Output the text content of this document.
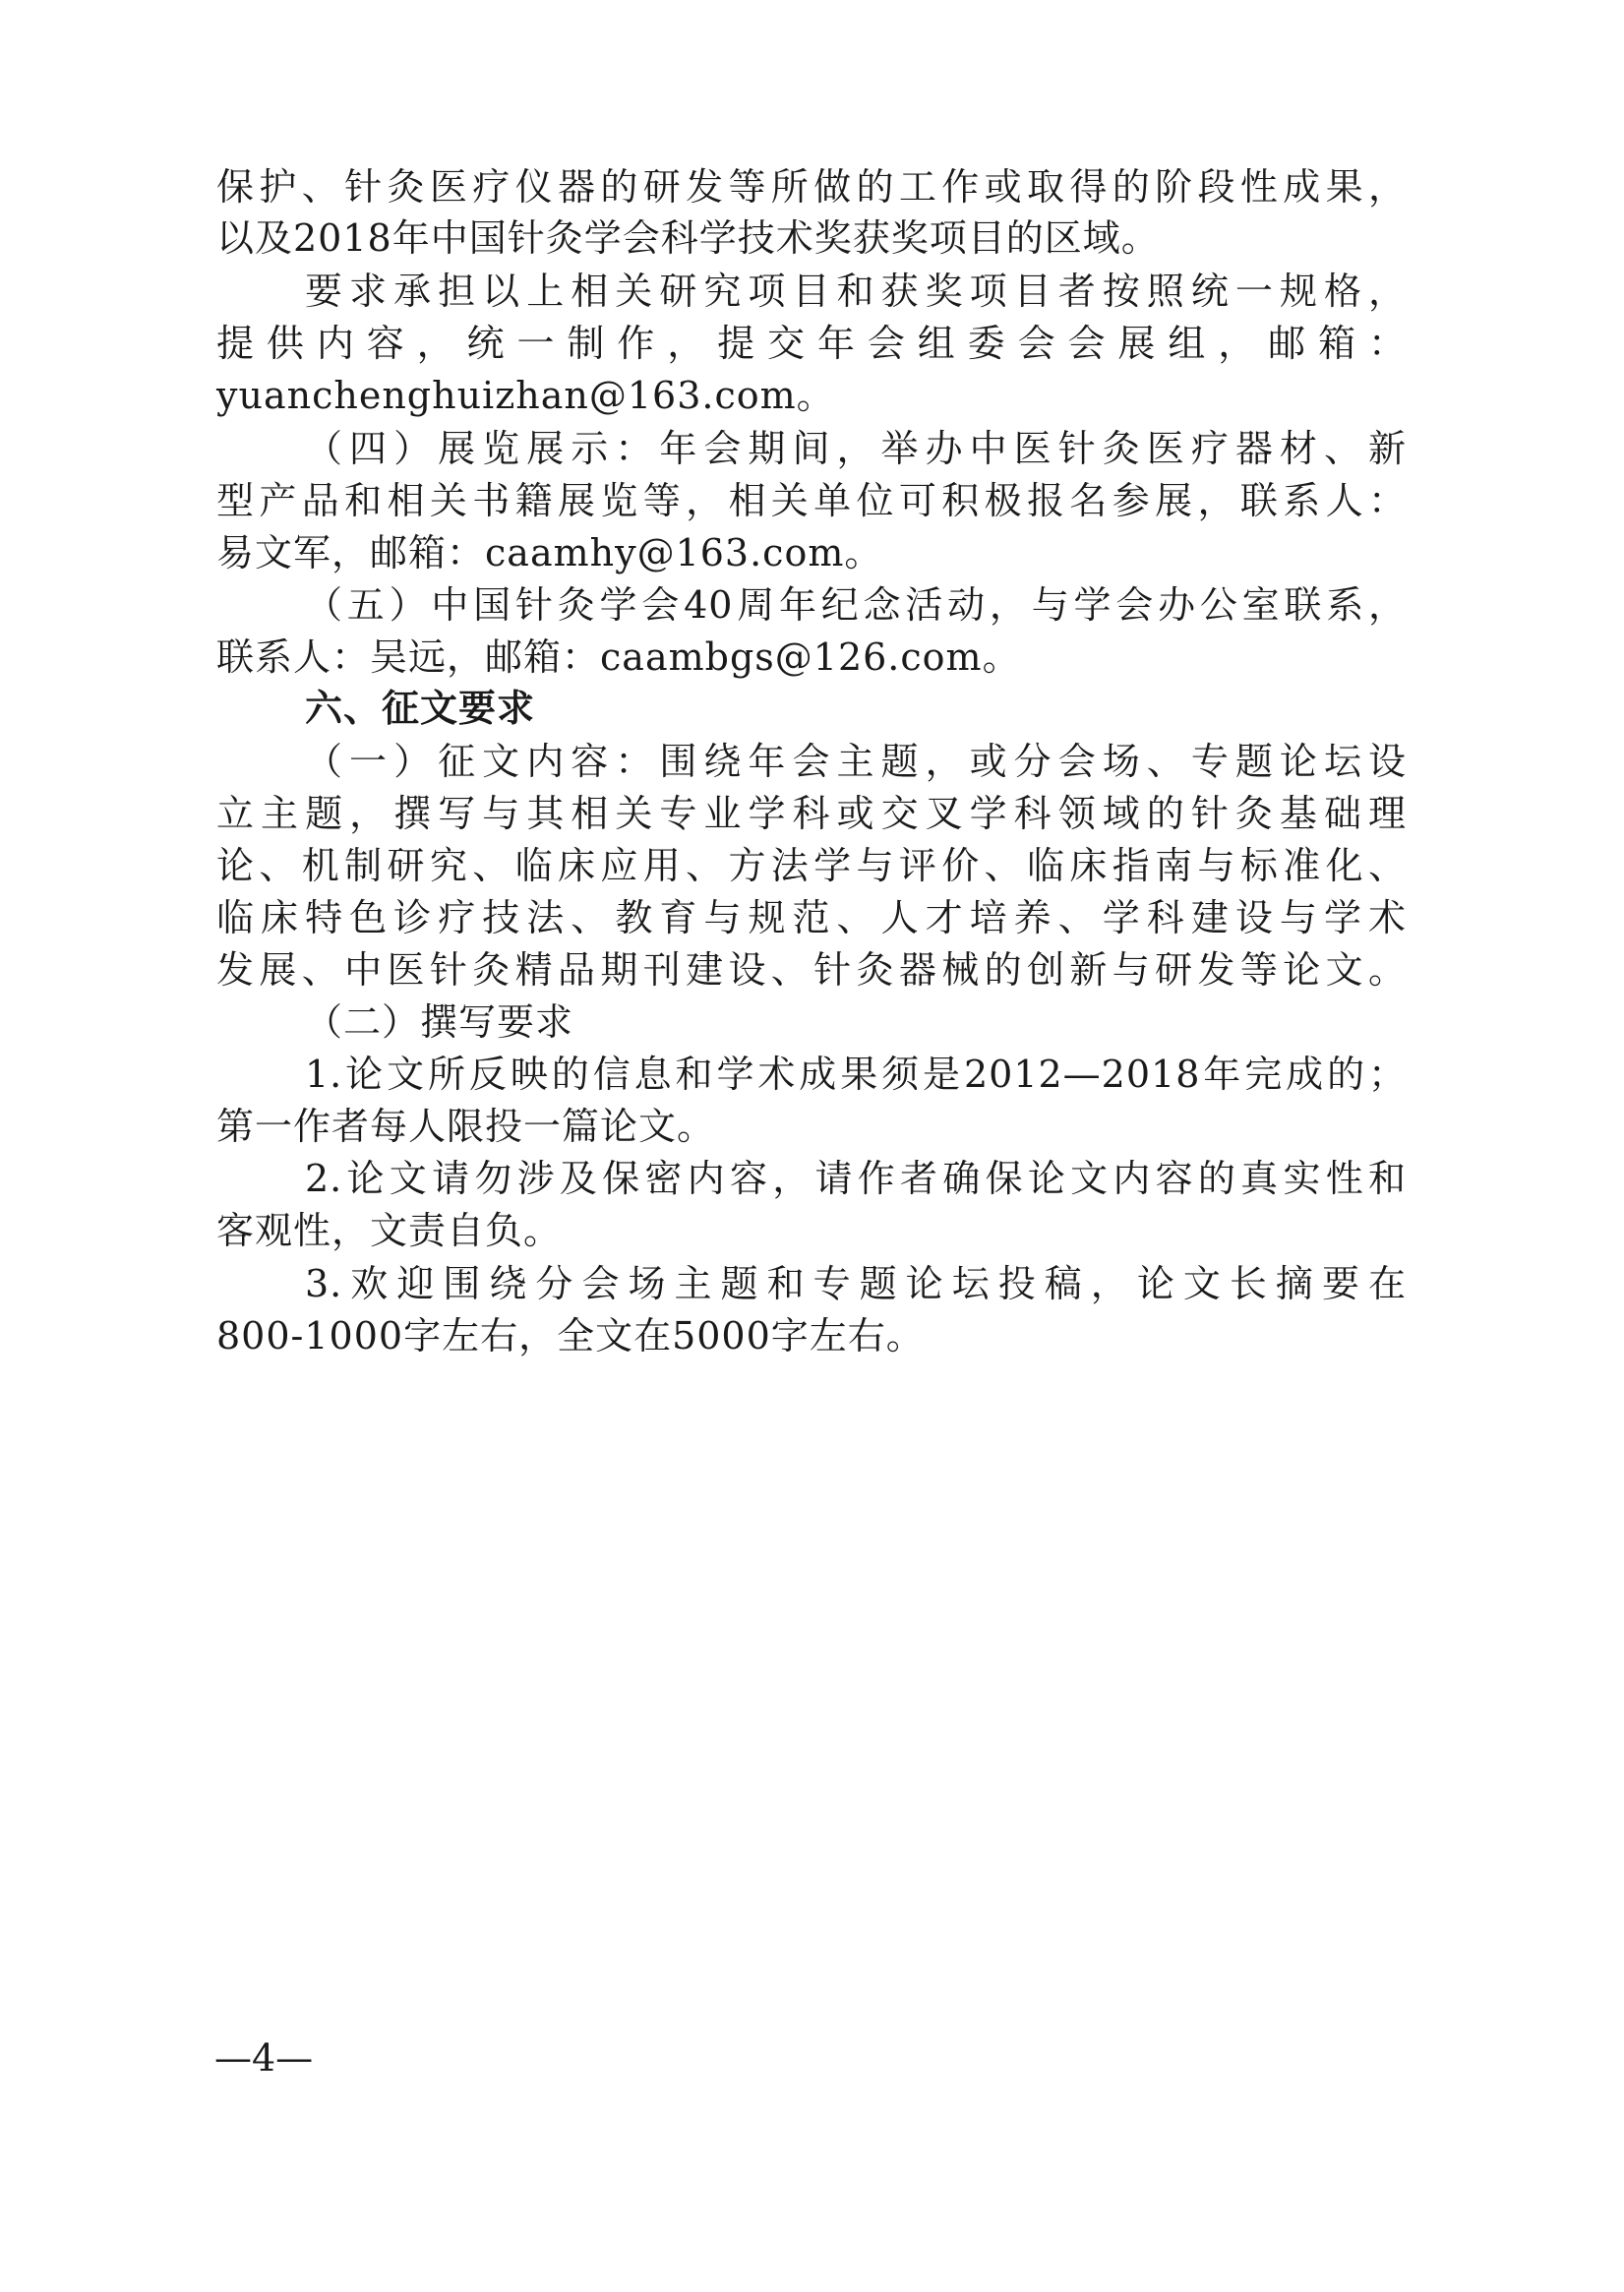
保护、针灸医疗仪器的研发等所做的工作或取得的阶段性成果，
以及2018年中国针灸学会科学技术奖获奖项目的区域。
要求承担以上相关研究项目和获奖项目者按照统一规格，
提供内容，统一制作，提交年会组委会会展组，邮箱：
yuanchenghuizhan@163.com。
（四）展览展示：年会期间，举办中医针灸医疗器材、新
型产品和相关书籍展览等，相关单位可积极报名参展，联系人：
易文军，邮箱：caamhy@163.com。
（五）中国针灸学会40周年纪念活动，与学会办公室联系，
联系人：吴远，邮箱：caambgs@126.com。
六、征文要求
（一）征文内容：围绕年会主题，或分会场、专题论坛设
立主题，撰写与其相关专业学科或交叉学科领域的针灸基础理
论、机制研究、临床应用、方法学与评价、临床指南与标准化、
临床特色诊疗技法、教育与规范、人才培养、学科建设与学术
发展、中医针灸精品期刊建设、针灸器械的创新与研发等论文。
（二）撰写要求
1.论文所反映的信息和学术成果须是2012—2018年完成的；
第一作者每人限投一篇论文。
2.论文请勿涉及保密内容，请作者确保论文内容的真实性和
客观性，文责自负。
3.欢迎围绕分会场主题和专题论坛投稿，论文长摘要在
800-1000字左右，全文在5000字左右。
—4—
